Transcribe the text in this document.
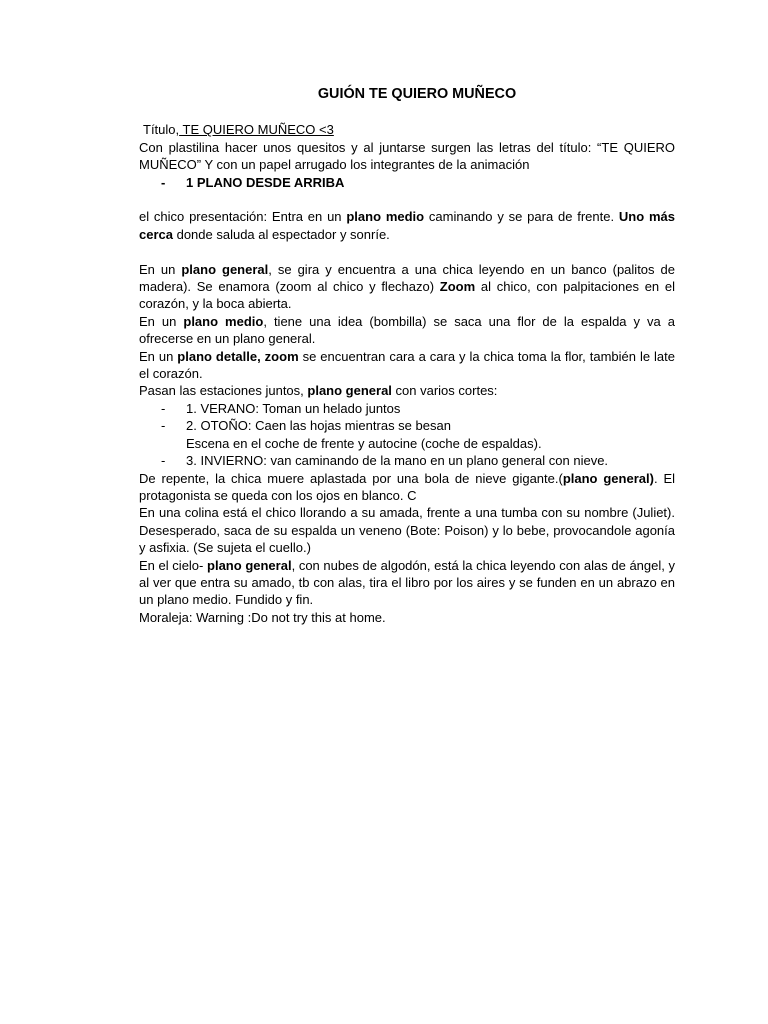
GUIÓN TE QUIERO MUÑECO

Título, TE QUIERO MUÑECO <3

Con plastilina hacer unos quesitos y al juntarse surgen las letras del título: “TE QUIERO MUÑECO” Y con un papel arrugado los integrantes de la animación

- 1 PLANO DESDE ARRIBA

el chico presentación: Entra en un plano medio caminando y se para de frente. Uno más cerca donde saluda al espectador y sonríe.

En un plano general, se gira y encuentra a una chica leyendo en un banco (palitos de madera). Se enamora (zoom al chico y flechazo) Zoom al chico, con palpitaciones en el corazón, y la boca abierta.

En un plano medio, tiene una idea (bombilla) se saca una flor de la espalda y va a ofrecerse en un plano general.

En un plano detalle, zoom se encuentran cara a cara y la chica toma la flor, también le late el corazón.

Pasan las estaciones juntos, plano general con varios cortes:

- 1. VERANO: Toman un helado juntos

- 2. OTOÑO: Caen las hojas mientras se besan

Escena en el coche de frente y autocine (coche de espaldas).

- 3. INVIERNO: van caminando de la mano en un plano general con nieve.

De repente, la chica muere aplastada por una bola de nieve gigante.(plano general). El protagonista se queda con los ojos en blanco. C

En una colina está el chico llorando a su amada, frente a una tumba con su nombre (Juliet). Desesperado, saca de su espalda un veneno (Bote: Poison) y lo bebe, provocandole agonía y asfixia. (Se sujeta el cuello.)

En el cielo- plano general, con nubes de algodón, está la chica leyendo con alas de ángel, y al ver que entra su amado, tb con alas, tira el libro por los aires y se funden en un abrazo en un plano medio. Fundido y fin.

Moraleja: Warning :Do not try this at home.
